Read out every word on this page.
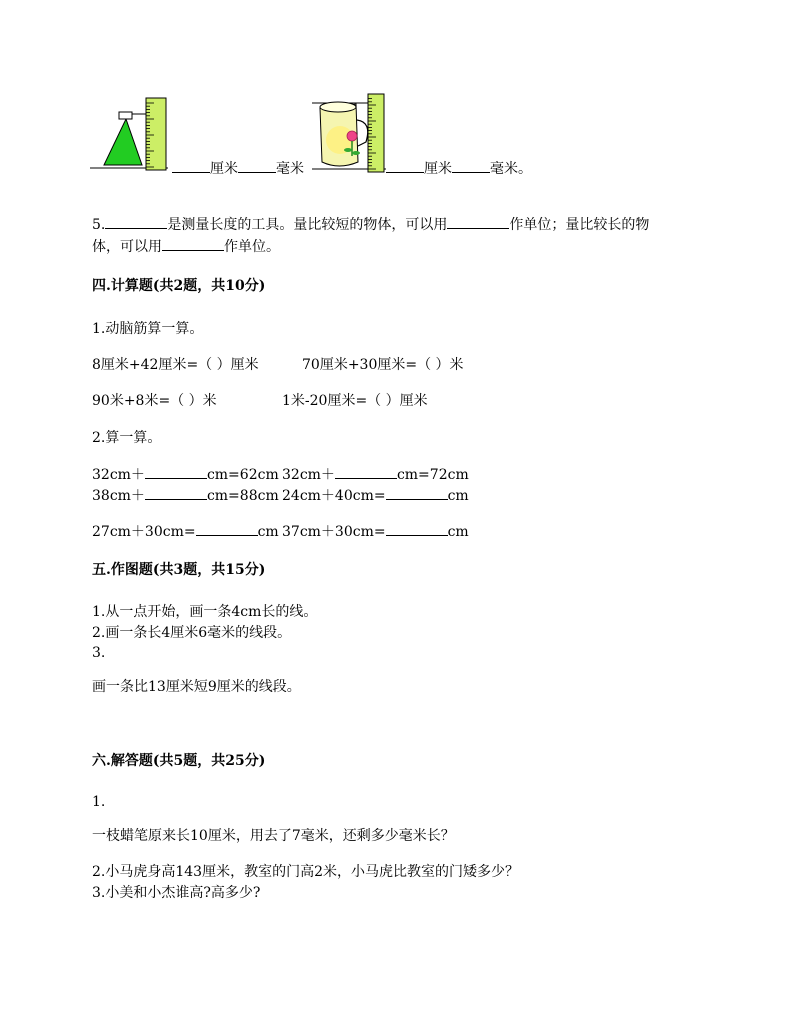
厘米	毫米	厘米	毫米。
5.	是测量长度的工具。量比较短的物体，可以用	作单位；量比较长的物
体，可以用	作单位。
四.计算题(共2题，共10分)
1.动脑筋算一算。
8厘米+42厘米=（ ）厘米	70厘米+30厘米=（ ）米
90米+8米=（ ）米	1米-20厘米=（ ）厘米
2.算一算。
32cm＋	cm=62cm 32cm＋	cm=72cm
38cm＋	cm=88cm 24cm＋40cm=	cm
27cm＋30cm=	cm 37cm＋30cm=	cm
五.作图题(共3题，共15分)
1.从一点开始，画一条4cm长的线。
2.画一条长4厘米6毫米的线段。
3.
画一条比13厘米短9厘米的线段。
六.解答题(共5题，共25分)
1.
一枝蜡笔原来长10厘米，用去了7毫米，还剩多少毫米长？
2.小马虎身高143厘米，教室的门高2米，小马虎比教室的门矮多少？
3.小美和小杰谁高?高多少?
